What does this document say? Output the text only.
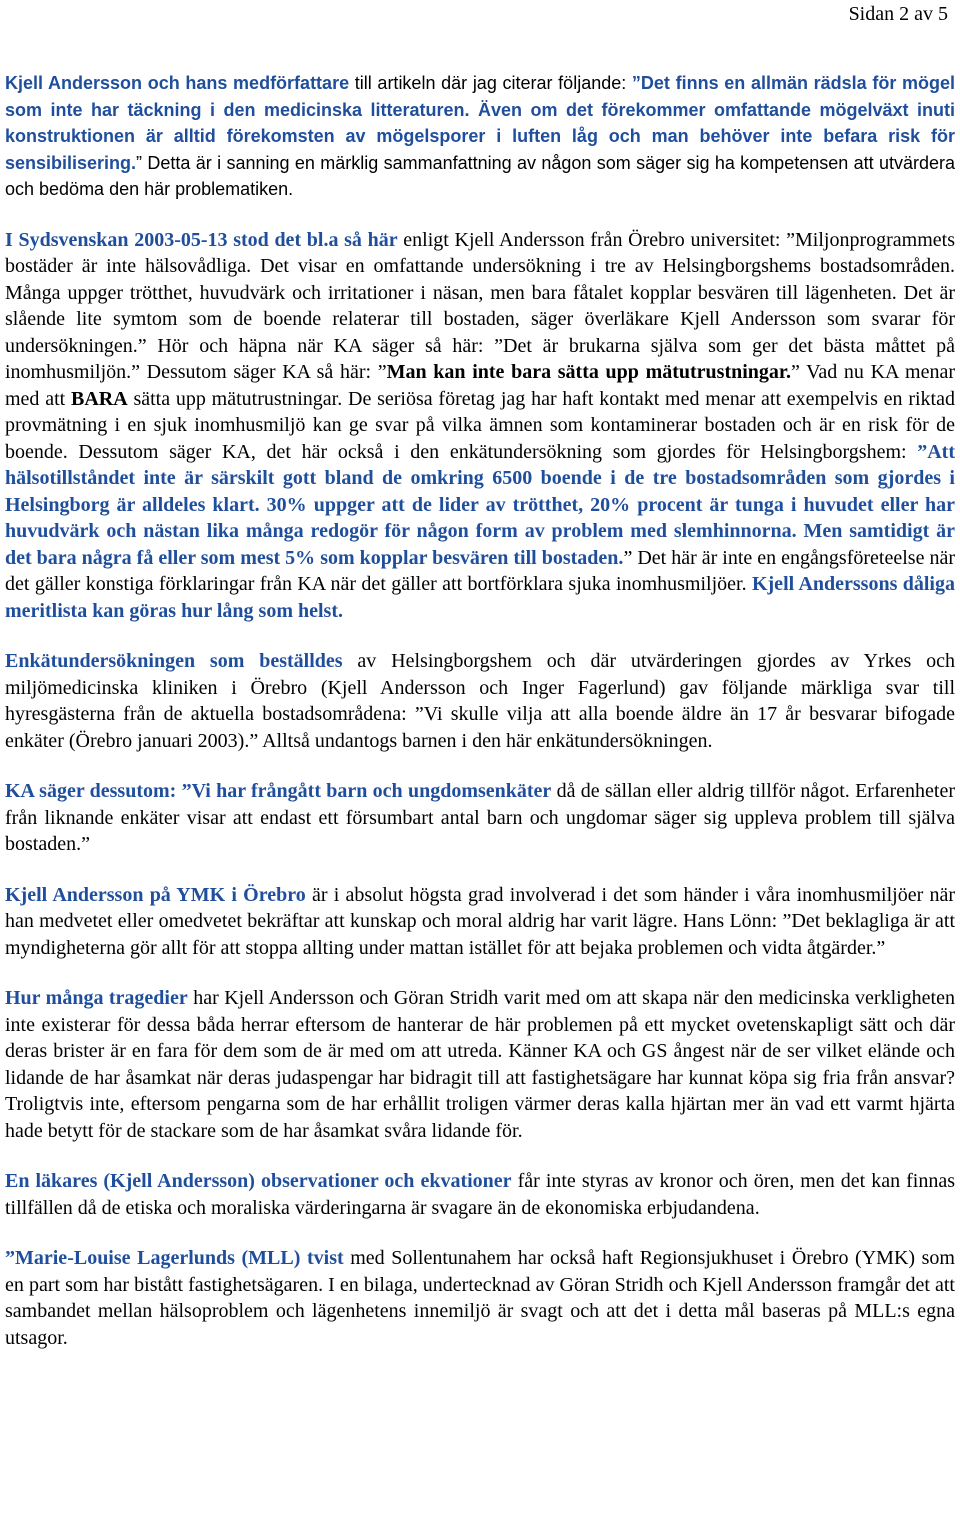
Sidan 2 av 5

Kjell Andersson och hans medförfattare till artikeln där jag citerar följande: ”Det finns en allmän rädsla för mögel som inte har täckning i den medicinska litteraturen. Även om det förekommer omfattande mögelväxt inuti konstruktionen är alltid förekomsten av mögelsporer i luften låg och man behöver inte befara risk för sensibilisering.” Detta är i sanning en märklig sammanfattning av någon som säger sig ha kompetensen att utvärdera och bedöma den här problematiken.

I Sydsvenskan 2003-05-13 stod det bl.a så här enligt Kjell Andersson från Örebro universitet: ”Miljonprogrammets bostäder är inte hälsovådliga. Det visar en omfattande undersökning i tre av Helsingborgshems bostadsområden. Många uppger trötthet, huvudvärk och irritationer i näsan, men bara fåtalet kopplar besvären till lägenheten. Det är slående lite symtom som de boende relaterar till bostaden, säger överläkare Kjell Andersson som svarar för undersökningen.” Hör och häpna när KA säger så här: ”Det är brukarna själva som ger det bästa måttet på inomhusmiljön.” Dessutom säger KA så här: ”Man kan inte bara sätta upp mätutrustningar.” Vad nu KA menar med att BARA sätta upp mätutrustningar. De seriösa företag jag har haft kontakt med menar att exempelvis en riktad provmätning i en sjuk inomhusmiljö kan ge svar på vilka ämnen som kontaminerar bostaden och är en risk för de boende. Dessutom säger KA, det här också i den enkätundersökning som gjordes för Helsingborgshem: ”Att hälsotillståndet inte är särskilt gott bland de omkring 6500 boende i de tre bostadsområden som gjordes i Helsingborg är alldeles klart. 30% uppger att de lider av trötthet, 20% procent är tunga i huvudet eller har huvudvärk och nästan lika många redogör för någon form av problem med slemhinnorna. Men samtidigt är det bara några få eller som mest 5% som kopplar besvären till bostaden.” Det här är inte en engångsföreteelse när det gäller konstiga förklaringar från KA när det gäller att bortförklara sjuka inomhusmiljöer. Kjell Anderssons dåliga meritlista kan göras hur lång som helst.

Enkätundersökningen som beställdes av Helsingborgshem och där utvärderingen gjordes av Yrkes och miljömedicinska kliniken i Örebro (Kjell Andersson och Inger Fagerlund) gav följande märkliga svar till hyresgästerna från de aktuella bostadsområdena: ”Vi skulle vilja att alla boende äldre än 17 år besvarar bifogade enkäter (Örebro januari 2003).” Alltså undantogs barnen i den här enkätundersökningen.

KA säger dessutom: ”Vi har frångått barn och ungdomsenkäter då de sällan eller aldrig tillför något. Erfarenheter från liknande enkäter visar att endast ett försumbart antal barn och ungdomar säger sig uppleva problem till själva bostaden.”

Kjell Andersson på YMK i Örebro är i absolut högsta grad involverad i det som händer i våra inomhusmiljöer när han medvetet eller omedvetet bekräftar att kunskap och moral aldrig har varit lägre. Hans Lönn: ”Det beklagliga är att myndigheterna gör allt för att stoppa allting under mattan istället för att bejaka problemen och vidta åtgärder.”

Hur många tragedier har Kjell Andersson och Göran Stridh varit med om att skapa när den medicinska verkligheten inte existerar för dessa båda herrar eftersom de hanterar de här problemen på ett mycket ovetenskapligt sätt och där deras brister är en fara för dem som de är med om att utreda. Känner KA och GS ångest när de ser vilket elände och lidande de har åsamkat när deras judaspengar har bidragit till att fastighetsägare har kunnat köpa sig fria från ansvar? Troligtvis inte, eftersom pengarna som de har erhållit troligen värmer deras kalla hjärtan mer än vad ett varmt hjärta hade betytt för de stackare som de har åsamkat svåra lidande för.

En läkares (Kjell Andersson) observationer och ekvationer får inte styras av kronor och ören, men det kan finnas tillfällen då de etiska och moraliska värderingarna är svagare än de ekonomiska erbjudandena.

”Marie-Louise Lagerlunds (MLL) tvist med Sollentunahem har också haft Regionsjukhuset i Örebro (YMK) som en part som har bistått fastighetsägaren. I en bilaga, undertecknad av Göran Stridh och Kjell Andersson framgår det att sambandet mellan hälsoproblem och lägenhetens innemiljö är svagt och att det i detta mål baseras på MLL:s egna utsagor.
